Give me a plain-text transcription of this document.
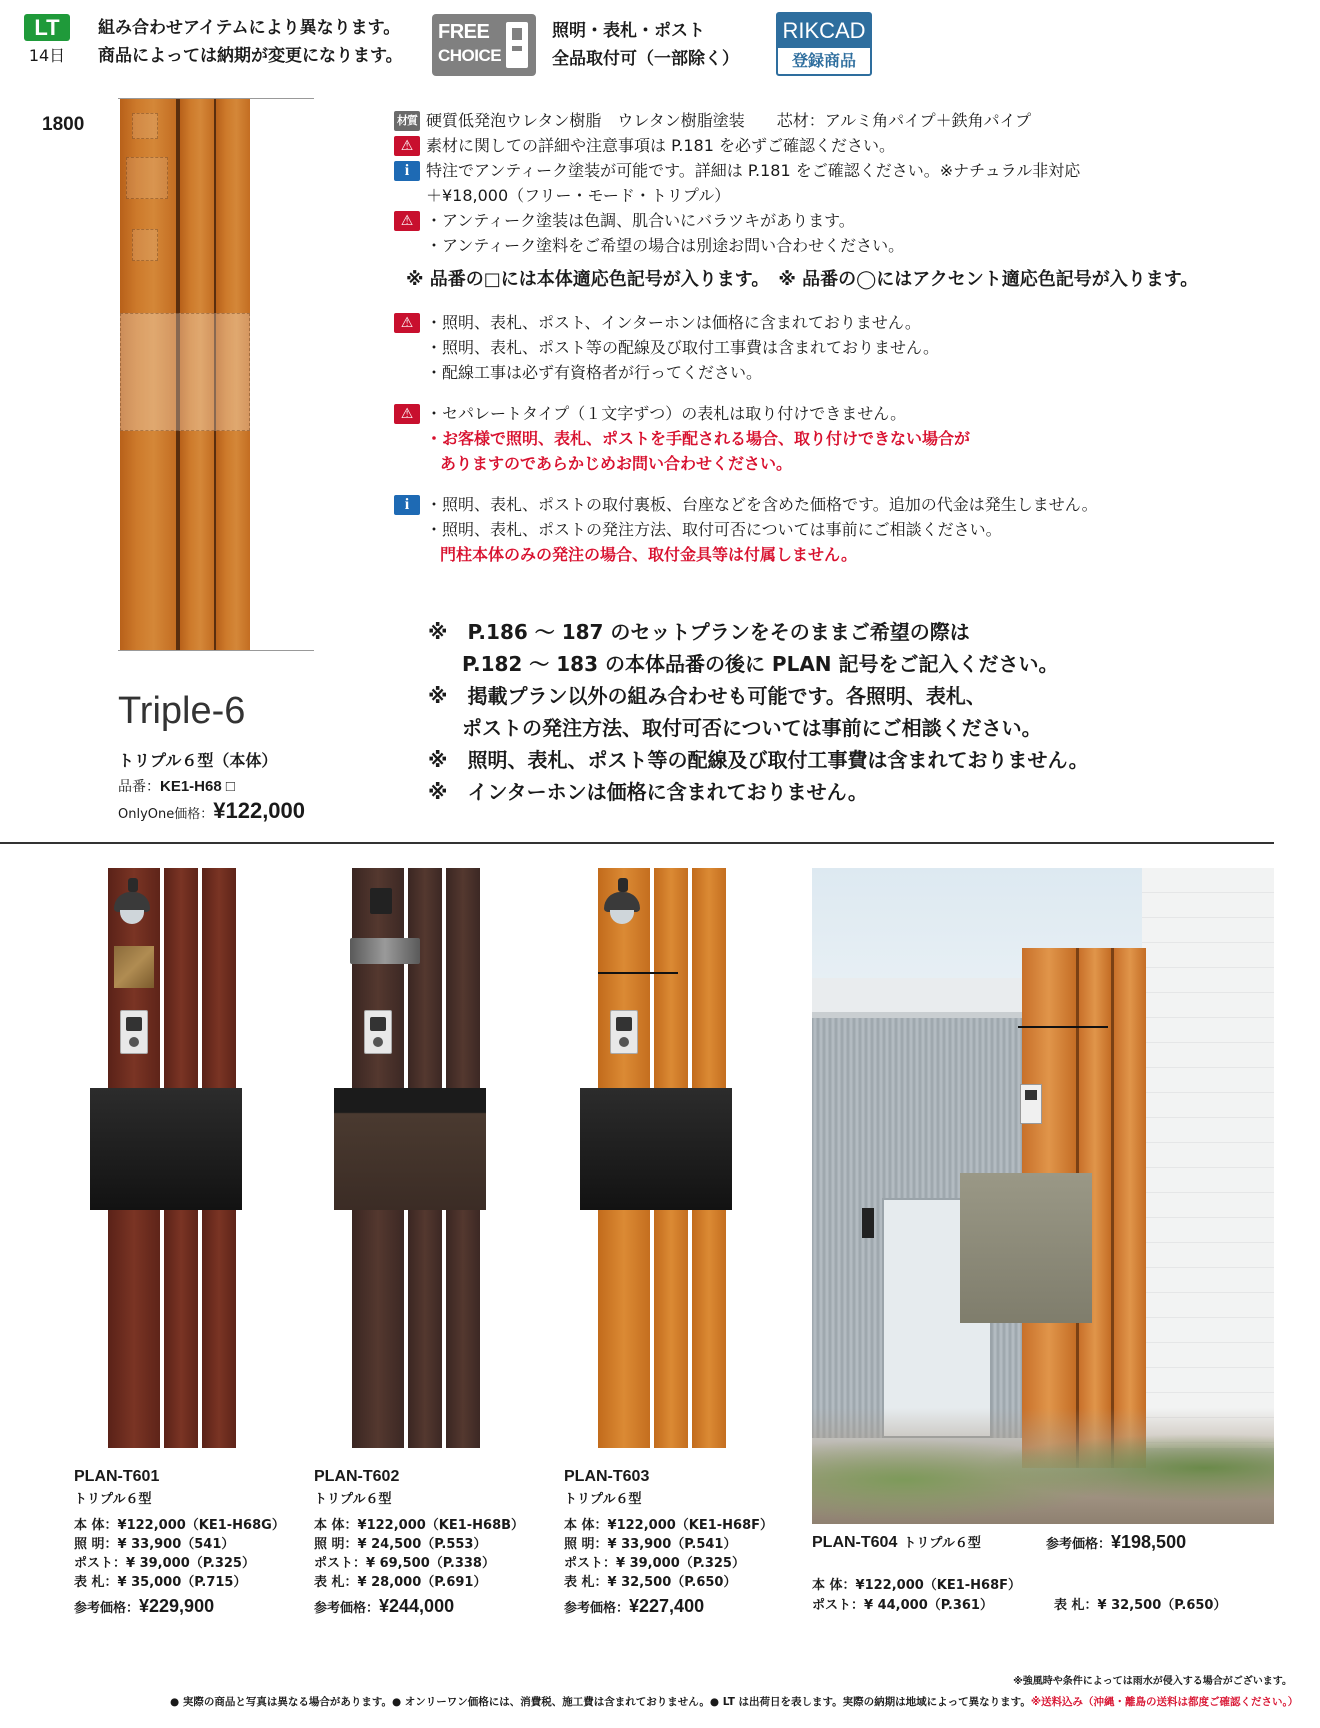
LT
14日
組み合わせアイテムにより異なります。
商品によっては納期が変更になります。
FREE
CHOICE
照明・表札・ポスト
全品取付可（一部除く）
RIKCAD
登録商品
1800
Triple-6
トリプル６型（本体）
品番：KE1-H68 □
OnlyOne価格：¥122,000
材質 硬質低発泡ウレタン樹脂　ウレタン樹脂塗装　　芯材：アルミ角パイプ＋鉄角パイプ
⚠ 素材に関しての詳細や注意事項は P.181 を必ずご確認ください。
i	特注でアンティーク塗装が可能です。詳細は P.181 をご確認ください。※ナチュラル非対応
＋¥18,000（フリー・モード・トリプル）
⚠ ・アンティーク塗装は色調、肌合いにバラツキがあります。
・アンティーク塗料をご希望の場合は別途お問い合わせください。
※ 品番の□には本体適応色記号が入ります。　※ 品番の◯にはアクセント適応色記号が入ります。
⚠ ・照明、表札、ポスト、インターホンは価格に含まれておりません。
・照明、表札、ポスト等の配線及び取付工事費は含まれておりません。
・配線工事は必ず有資格者が行ってください。
⚠ ・セパレートタイプ（１文字ずつ）の表札は取り付けできません。
・お客様で照明、表札、ポストを手配される場合、取り付けできない場合が
ありますのであらかじめお問い合わせください。
i	・照明、表札、ポストの取付裏板、台座などを含めた価格です。追加の代金は発生しません。
・照明、表札、ポストの発注方法、取付可否については事前にご相談ください。
門柱本体のみの発注の場合、取付金具等は付属しません。
※　P.186 ～ 187 のセットプランをそのままご希望の際は
P.182 ～ 183 の本体品番の後に PLAN 記号をご記入ください。
※　掲載プラン以外の組み合わせも可能です。各照明、表札、
ポストの発注方法、取付可否については事前にご相談ください。
※　照明、表札、ポスト等の配線及び取付工事費は含まれておりません。
※　インターホンは価格に含まれておりません。
PLAN-T601
トリプル６型
本 体：¥122,000（KE1-H68G）
照 明：¥ 33,900（541）
ポスト：¥ 39,000（P.325）
表 札：¥ 35,000（P.715）
参考価格：¥229,900
PLAN-T602
トリプル６型
本 体：¥122,000（KE1-H68B）
照 明：¥ 24,500（P.553）
ポスト：¥ 69,500（P.338）
表 札：¥ 28,000（P.691）
参考価格：¥244,000
PLAN-T603
トリプル６型
本 体：¥122,000（KE1-H68F）
照 明：¥ 33,900（P.541）
ポスト：¥ 39,000（P.325）
表 札：¥ 32,500（P.650）
参考価格：¥227,400
PLAN-T604 トリプル６型	参考価格：¥198,500
本 体：¥122,000（KE1-H68F）
ポスト：¥ 44,000（P.361）	表 札：¥ 32,500（P.650）
※強風時や条件によっては雨水が侵入する場合がございます。
● 実際の商品と写真は異なる場合があります。● オンリーワン価格には、消費税、施工費は含まれておりません。● LT は出荷日を表します。実際の納期は地域によって異なります。※送料込み（沖縄・離島の送料は都度ご確認ください。）
